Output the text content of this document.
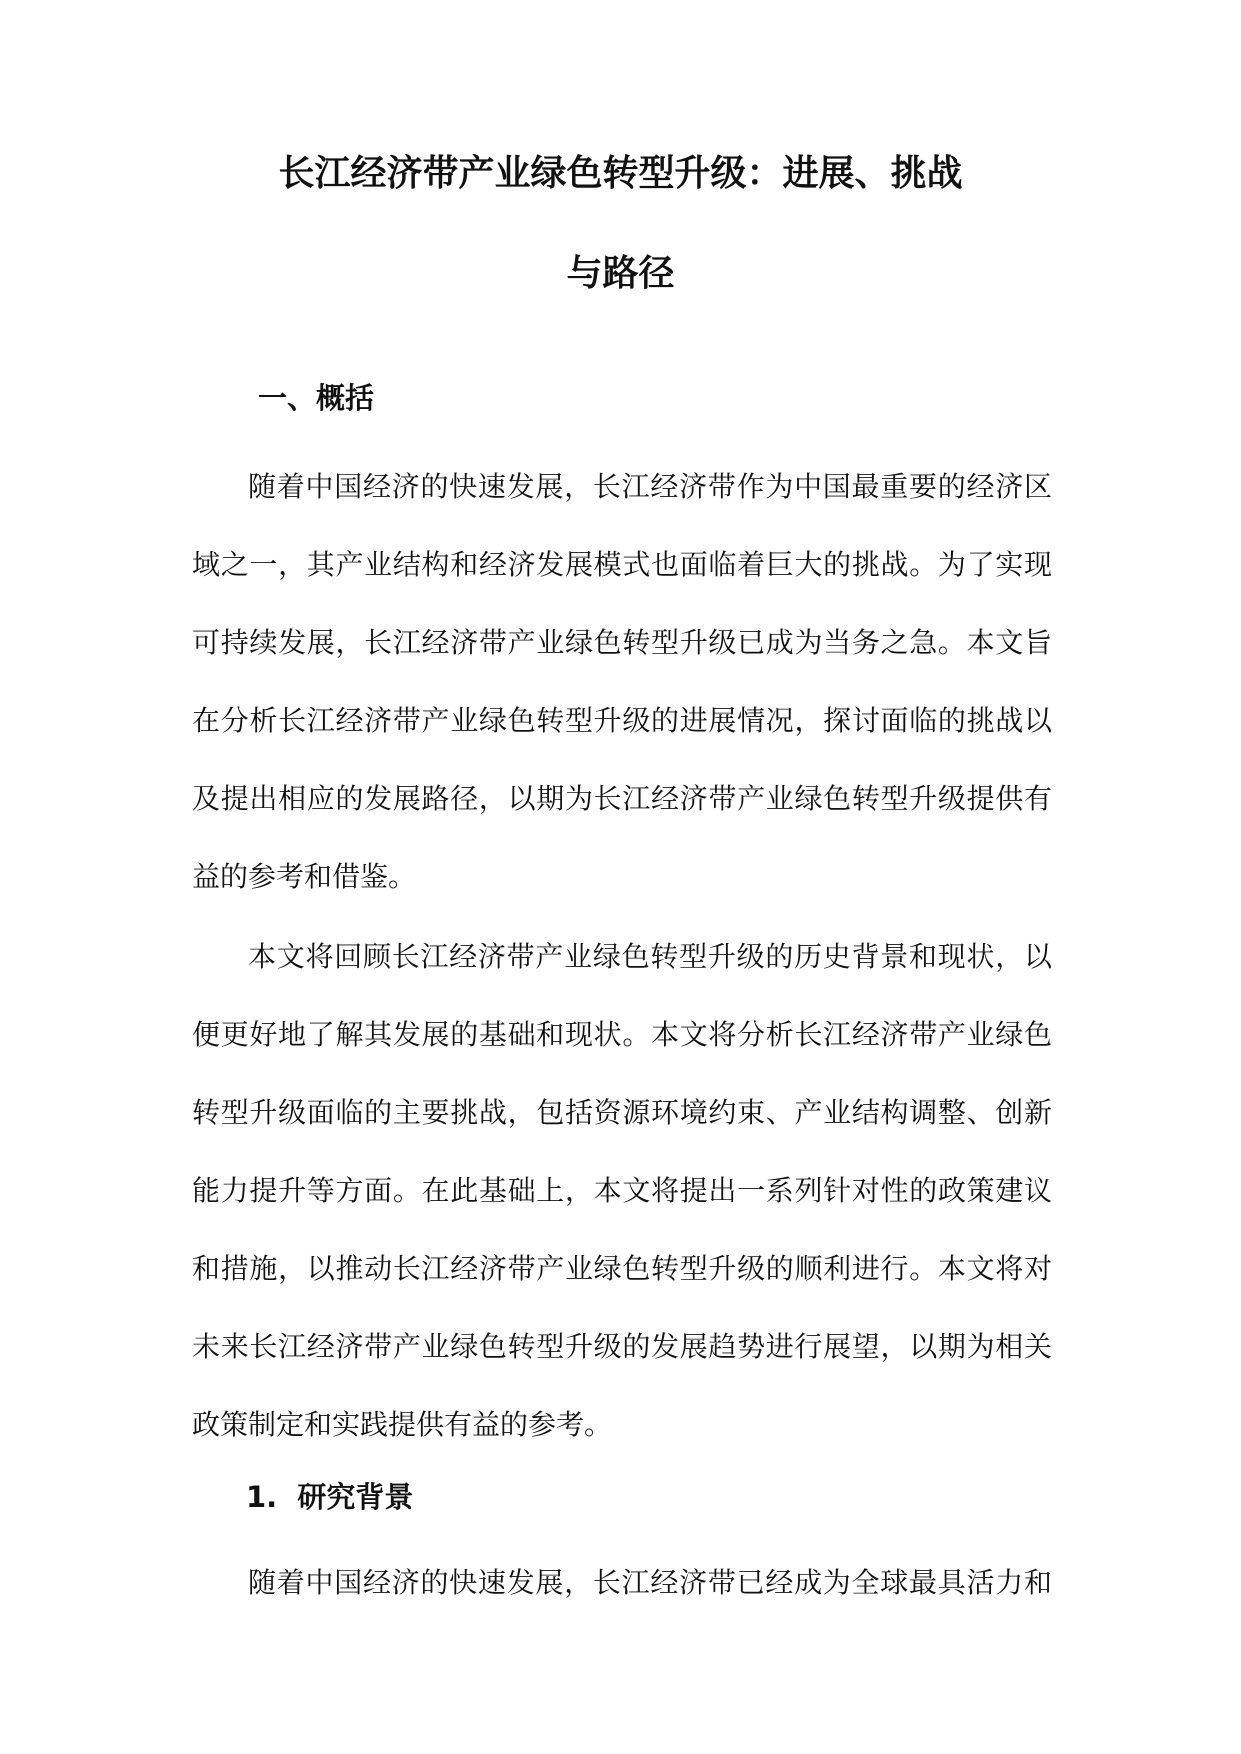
长江经济带产业绿色转型升级：进展、挑战
与路径
一、概括

随着中国经济的快速发展，长江经济带作为中国最重要的经济区
域之一，其产业结构和经济发展模式也面临着巨大的挑战。为了实现
可持续发展，长江经济带产业绿色转型升级已成为当务之急。本文旨
在分析长江经济带产业绿色转型升级的进展情况，探讨面临的挑战以
及提出相应的发展路径，以期为长江经济带产业绿色转型升级提供有
益的参考和借鉴。

本文将回顾长江经济带产业绿色转型升级的历史背景和现状，以
便更好地了解其发展的基础和现状。本文将分析长江经济带产业绿色
转型升级面临的主要挑战，包括资源环境约束、产业结构调整、创新
能力提升等方面。在此基础上，本文将提出一系列针对性的政策建议
和措施，以推动长江经济带产业绿色转型升级的顺利进行。本文将对
未来长江经济带产业绿色转型升级的发展趋势进行展望，以期为相关
政策制定和实践提供有益的参考。

1.  研究背景

随着中国经济的快速发展，长江经济带已经成为全球最具活力和
